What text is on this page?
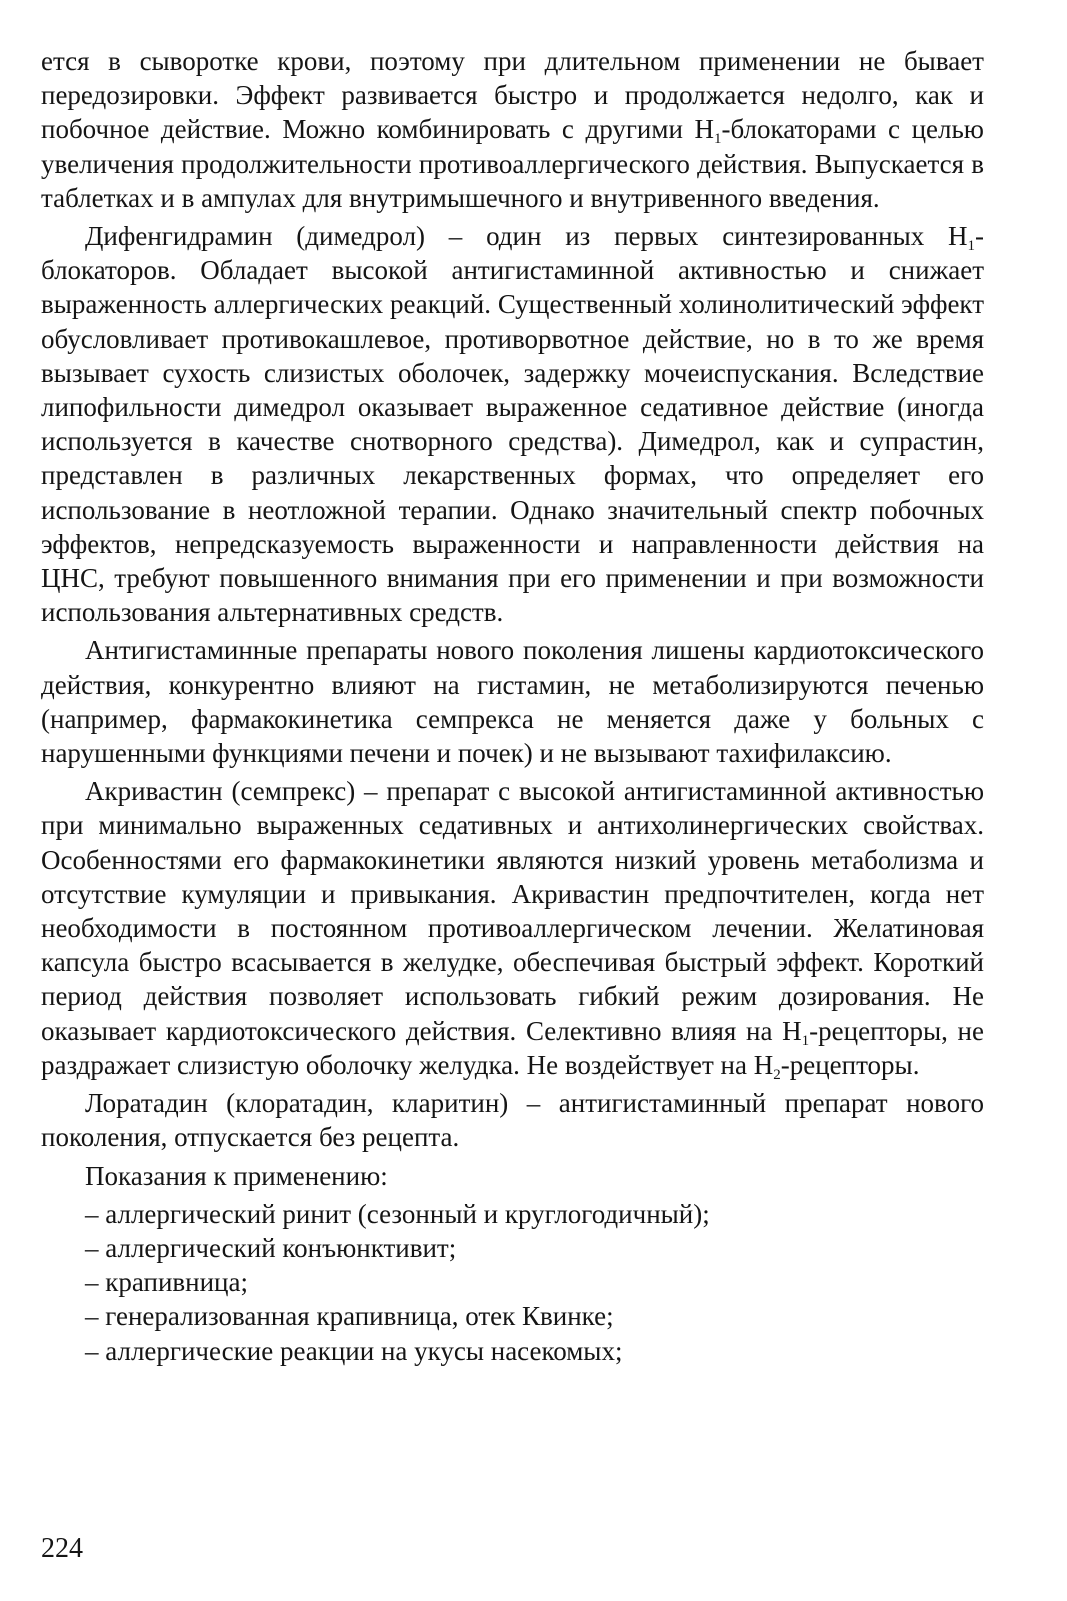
ется в сыворотке крови, поэтому при длительном применении не бывает передозировки. Эффект развивается быстро и продолжается недолго, как и побочное действие. Можно комбинировать с другими $Н_1$-блокаторами с целью увеличения продолжительности противоаллергического действия. Выпускается в таблетках и в ампулах для внутримышечного и внутривенного введения.

Дифенгидрамин (димедрол) – один из первых синтезированных $Н_1$-блокаторов. Обладает высокой антигистаминной активностью и снижает выраженность аллергических реакций. Существенный холинолитический эффект обусловливает противокашлевое, противорвотное действие, но в то же время вызывает сухость слизистых оболочек, задержку мочеиспускания. Вследствие липофильности димедрол оказывает выраженное седативное действие (иногда используется в качестве снотворного средства). Димедрол, как и супрастин, представлен в различных лекарственных формах, что определяет его использование в неотложной терапии. Однако значительный спектр побочных эффектов, непредсказуемость выраженности и направленности действия на ЦНС, требуют повышенного внимания при его применении и при возможности использования альтернативных средств.

Антигистаминные препараты нового поколения лишены кардиотоксического действия, конкурентно влияют на гистамин, не метаболизируются печенью (например, фармакокинетика семпрекса не меняется даже у больных с нарушенными функциями печени и почек) и не вызывают тахифилаксию.

Акривастин (семпрекс) – препарат с высокой антигистаминной активностью при минимально выраженных седативных и антихолинергических свойствах. Особенностями его фармакокинетики являются низкий уровень метаболизма и отсутствие кумуляции и привыкания. Акривастин предпочтителен, когда нет необходимости в постоянном противоаллергическом лечении. Желатиновая капсула быстро всасывается в желудке, обеспечивая быстрый эффект. Короткий период действия позволяет использовать гибкий режим дозирования. Не оказывает кардиотоксического действия. Селективно влияя на $Н_1$-рецепторы, не раздражает слизистую оболочку желудка. Не воздействует на $Н_2$-рецепторы.

Лоратадин (клоратадин, кларитин) – антигистаминный препарат нового поколения, отпускается без рецепта.

Показания к применению:

– аллергический ринит (сезонный и круглогодичный);
– аллергический конъюнктивит;
– крапивница;
– генерализованная крапивница, отек Квинке;
– аллергические реакции на укусы насекомых;
224
